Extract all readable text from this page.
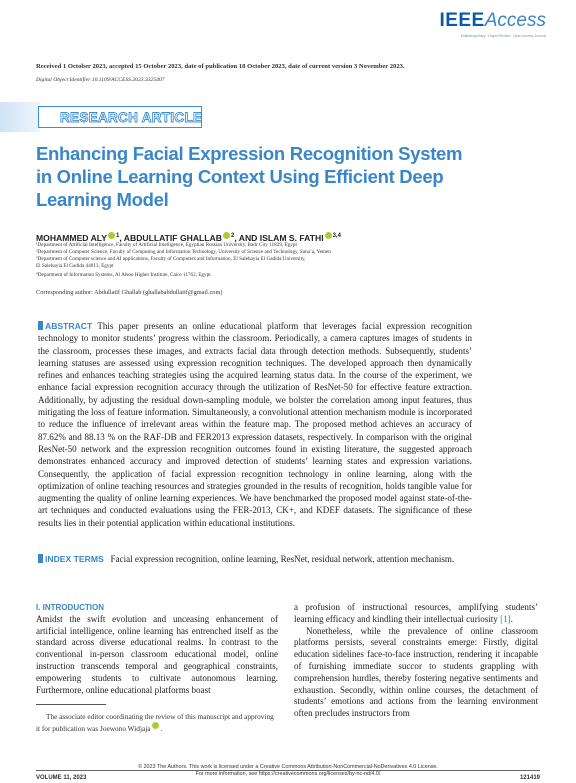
IEEEAccess
Multidisciplinary : Rapid Review : Open Access Journal
Received 1 October 2023, accepted 15 October 2023, date of publication 18 October 2023, date of current version 3 November 2023.
Digital Object Identifier 10.1109/ACCESS.2023.3325407
RESEARCH ARTICLE
Enhancing Facial Expression Recognition System in Online Learning Context Using Efficient Deep Learning Model
MOHAMMED ALY $^1$, ABDULLATIF GHALLAB $^2$, AND ISLAM S. FATHI $^{3,4}$
¹Department of Artificial Intelligence, Faculty of Artificial Intelligence, Egyptian Russian University, Badr City 11829, Egypt
²Department of Computer Science, Faculty of Computing and Information Technology, University of Science and Technology, Sana’a, Yemen
³Department of Computer science and AI applications, Faculty of Computers and Information, El Salehayia El Gadida University,
El Salehayia El Gadida 44813, Egypt
⁴Department of Information Systems, Al Alson Higher Institute, Cairo 11762, Egypt
Corresponding author: Abdullatif Ghallab (ghallababdullatif@gmail.com)
ABSTRACT This paper presents an online educational platform that leverages facial expression recognition technology to monitor students’ progress within the classroom. Periodically, a camera captures images of students in the classroom, processes these images, and extracts facial data through detection methods. Subsequently, students’ learning statuses are assessed using expression recognition techniques. The developed approach then dynamically refines and enhances teaching strategies using the acquired learning status data. In the course of the experiment, we enhance facial expression recognition accuracy through the utilization of ResNet-50 for effective feature extraction. Additionally, by adjusting the residual down-sampling module, we bolster the correlation among input features, thus mitigating the loss of feature information. Simultaneously, a convolutional attention mechanism module is incorporated to reduce the influence of irrelevant areas within the feature map. The proposed method achieves an accuracy of 87.62% and 88.13 % on the RAF-DB and FER2013 expression datasets, respectively. In comparison with the original ResNet-50 network and the expression recognition outcomes found in existing literature, the suggested approach demonstrates enhanced accuracy and improved detection of students’ learning states and expression variations. Consequently, the application of facial expression recognition technology in online learning, along with the optimization of online teaching resources and strategies grounded in the results of recognition, holds tangible value for augmenting the quality of online learning experiences. We have benchmarked the proposed model against state-of-the-art techniques and conducted evaluations using the FER-2013, CK+, and KDEF datasets. The significance of these results lies in their potential application within educational institutions.
INDEX TERMS Facial expression recognition, online learning, ResNet, residual network, attention mechanism.
I. INTRODUCTION
Amidst the swift evolution and unceasing enhancement of artificial intelligence, online learning has entrenched itself as the standard across diverse educational realms. In contrast to the conventional in-person classroom educational model, online instruction transcends temporal and geographical constraints, empowering students to cultivate autonomous learning. Furthermore, online educational platforms boast
The associate editor coordinating the review of this manuscript and approving it for publication was Joewono Widjaja .
a profusion of instructional resources, amplifying students’ learning efficacy and kindling their intellectual curiosity [1].
Nonetheless, while the prevalence of online classroom platforms persists, several constraints emerge: Firstly, digital education sidelines face-to-face instruction, rendering it incapable of furnishing immediate succor to students grappling with comprehension hurdles, thereby fostering negative sentiments and exhaustion. Secondly, within online courses, the detachment of students’ emotions and actions from the learning environment often precludes instructors from
© 2023 The Authors. This work is licensed under a Creative Commons Attribution-NonCommercial-NoDerivatives 4.0 License.
For more information, see https://creativecommons.org/licenses/by-nc-nd/4.0/
VOLUME 11, 2023	121419
